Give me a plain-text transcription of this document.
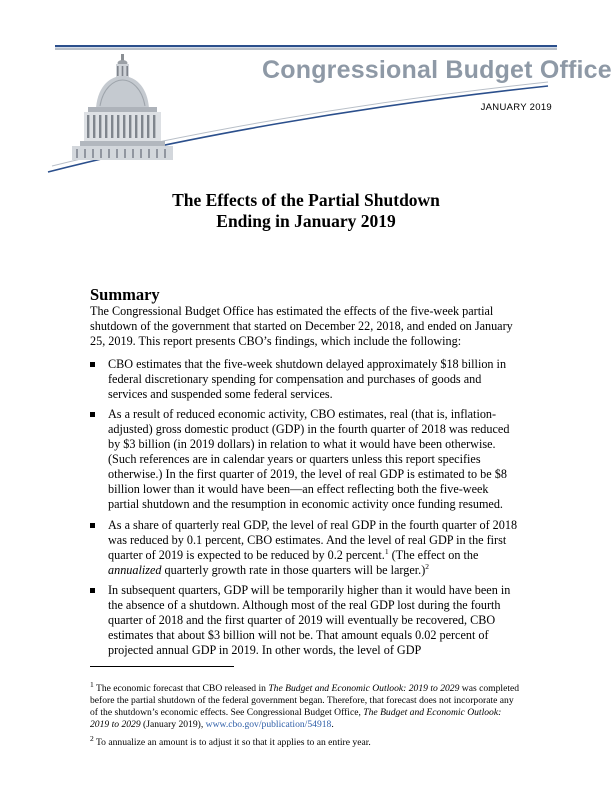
Congressional Budget Office
JANUARY 2019
The Effects of the Partial Shutdown
Ending in January 2019
Summary

The Congressional Budget Office has estimated the effects of the five-week partial shutdown of the government that started on December 22, 2018, and ended on January 25, 2019. This report presents CBO’s findings, which include the following:

CBO estimates that the five-week shutdown delayed approximately $18 billion in federal discretionary spending for compensation and purchases of goods and services and suspended some federal services.
As a result of reduced economic activity, CBO estimates, real (that is, inflation-adjusted) gross domestic product (GDP) in the fourth quarter of 2018 was reduced by $3 billion (in 2019 dollars) in relation to what it would have been otherwise. (Such references are in calendar years or quarters unless this report specifies otherwise.) In the first quarter of 2019, the level of real GDP is estimated to be $8 billion lower than it would have been—an effect reflecting both the five-week partial shutdown and the resumption in economic activity once funding resumed.
As a share of quarterly real GDP, the level of real GDP in the fourth quarter of 2018 was reduced by 0.1 percent, CBO estimates. And the level of real GDP in the first quarter of 2019 is expected to be reduced by 0.2 percent.$^1$ (The effect on the annualized quarterly growth rate in those quarters will be larger.)$^2$
In subsequent quarters, GDP will be temporarily higher than it would have been in the absence of a shutdown. Although most of the real GDP lost during the fourth quarter of 2018 and the first quarter of 2019 will eventually be recovered, CBO estimates that about $3 billion will not be. That amount equals 0.02 percent of projected annual GDP in 2019. In other words, the level of GDP

$^1$ The economic forecast that CBO released in The Budget and Economic Outlook: 2019 to 2029 was completed before the partial shutdown of the federal government began. Therefore, that forecast does not incorporate any of the shutdown’s economic effects. See Congressional Budget Office, The Budget and Economic Outlook: 2019 to 2029 (January 2019), www.cbo.gov/publication/54918.

$^2$ To annualize an amount is to adjust it so that it applies to an entire year.
